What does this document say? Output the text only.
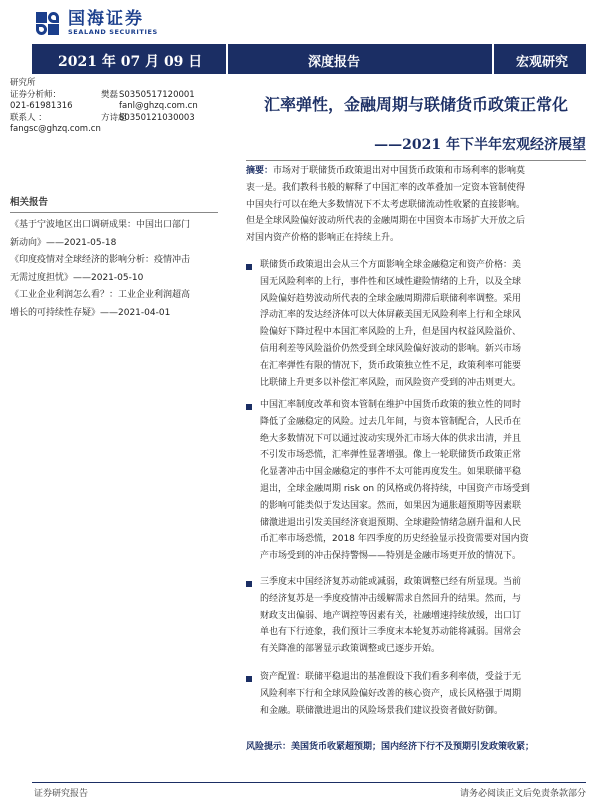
国海证券
SEALAND SECURITIES
2021 年 07 月 09 日	深度报告	宏观研究
研究所
证券分析师：	樊磊 S0350517120001
021-61981316	fanl@ghzq.com.cn
联系人 ：	方诗超
S0350121030003
fangsc@ghzq.com.cn
相关报告
《基于宁波地区出口调研成果：中国出口部门
新动向》——2021-05-18
《印度疫情对全球经济的影响分析：疫情冲击
无需过度担忧》——2021-05-10
《工业企业利润怎么看？：工业企业利润超高
增长的可持续性存疑》——2021-04-01
汇率弹性，金融周期与联储货币政策正常化
——2021 年下半年宏观经济展望
摘要：市场对于联储货币政策退出对中国货币政策和市场利率的影响莫
衷一是。我们教科书般的解释了中国汇率的改革叠加一定资本管制使得
中国央行可以在绝大多数情况下不太考虑联储流动性收紧的直接影响。
但是全球风险偏好波动所代表的金融周期在中国资本市场扩大开放之后
对国内资产价格的影响正在持续上升。
联储货币政策退出会从三个方面影响全球金融稳定和资产价格：美
国无风险利率的上行，事件性和区域性避险情绪的上升，以及全球
风险偏好趋势波动所代表的全球金融周期滞后联储利率调整。采用
浮动汇率的发达经济体可以大体屏蔽美国无风险利率上行和全球风
险偏好下降过程中本国汇率风险的上升，但是国内权益风险溢价、
信用利差等风险溢价仍然受到全球风险偏好波动的影响。新兴市场
在汇率弹性有限的情况下，货币政策独立性不足，政策利率可能要
比联储上升更多以补偿汇率风险，而风险资产受到的冲击则更大。
中国汇率制度改革和资本管制在维护中国货币政策的独立性的同时
降低了金融稳定的风险。过去几年间，与资本管制配合，人民币在
绝大多数情况下可以通过波动实现外汇市场大体的供求出清，并且
不引发市场恐慌，汇率弹性显著增强。像上一轮联储货币政策正常
化显著冲击中国金融稳定的事件不太可能再度发生。如果联储平稳
退出，全球金融周期 risk on 的风格或仍将持续，中国资产市场受到
的影响可能类似于发达国家。然而，如果因为通胀超预期等因素联
储激进退出引发美国经济衰退预期、全球避险情绪急剧升温和人民
币汇率市场恐慌，2018 年四季度的历史经验显示投资需要对国内资
产市场受到的冲击保持警惕——特别是金融市场更开放的情况下。
三季度末中国经济复苏动能或减弱，政策调整已经有所显现。当前
的经济复苏是一季度疫情冲击缓解需求自然回升的结果。然而，与
财政支出偏弱、地产调控等因素有关，社融增速持续放缓，出口订
单也有下行迹象，我们预计三季度末本轮复苏动能将减弱。国常会
有关降准的部署显示政策调整或已逐步开始。
资产配置：联储平稳退出的基准假设下我们看多利率债，受益于无
风险利率下行和全球风险偏好改善的核心资产，成长风格强于周期
和金融。联储激进退出的风险场景我们建议投资者做好防御。
风险提示：美国货币收紧超预期；国内经济下行不及预期引发政策收紧；
证券研究报告	请务必阅读正文后免责条款部分
